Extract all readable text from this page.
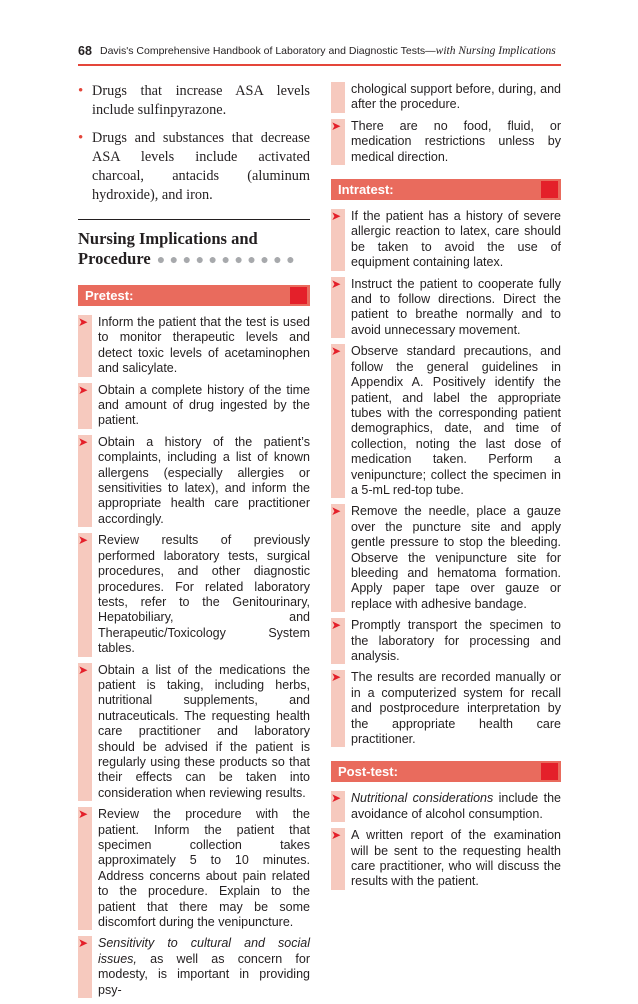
68 Davis's Comprehensive Handbook of Laboratory and Diagnostic Tests—with Nursing Implications
• Drugs that increase ASA levels include sulfinpyrazone.
• Drugs and substances that decrease ASA levels include activated charcoal, antacids (aluminum hydroxide), and iron.
Nursing Implications and
Procedure ●●●●●●●●●●●
Pretest:
➤ Inform the patient that the test is used to monitor therapeutic levels and detect toxic levels of acetaminophen and salicylate.
➤ Obtain a complete history of the time and amount of drug ingested by the patient.
➤ Obtain a history of the patient’s complaints, including a list of known allergens (especially allergies or sensitivities to latex), and inform the appropriate health care practitioner accordingly.
➤ Review results of previously performed laboratory tests, surgical procedures, and other diagnostic procedures. For related laboratory tests, refer to the Genitourinary, Hepatobiliary, and Therapeutic/Toxicology System tables.
➤ Obtain a list of the medications the patient is taking, including herbs, nutritional supplements, and nutraceuticals. The requesting health care practitioner and laboratory should be advised if the patient is regularly using these products so that their effects can be taken into consideration when reviewing results.
➤ Review the procedure with the patient. Inform the patient that specimen collection takes approximately 5 to 10 minutes. Address concerns about pain related to the procedure. Explain to the patient that there may be some discomfort during the venipuncture.
➤ Sensitivity to cultural and social issues, as well as concern for modesty, is important in providing psy-
chological support before, during, and after the procedure.
➤ There are no food, fluid, or medication restrictions unless by medical direction.
Intratest:
➤ If the patient has a history of severe allergic reaction to latex, care should be taken to avoid the use of equipment containing latex.
➤ Instruct the patient to cooperate fully and to follow directions. Direct the patient to breathe normally and to avoid unnecessary movement.
➤ Observe standard precautions, and follow the general guidelines in Appendix A. Positively identify the patient, and label the appropriate tubes with the corresponding patient demographics, date, and time of collection, noting the last dose of medication taken. Perform a venipuncture; collect the specimen in a 5-mL red-top tube.
➤ Remove the needle, place a gauze over the puncture site and apply gentle pressure to stop the bleeding. Observe the venipuncture site for bleeding and hematoma formation. Apply paper tape over gauze or replace with adhesive bandage.
➤ Promptly transport the specimen to the laboratory for processing and analysis.
➤ The results are recorded manually or in a computerized system for recall and postprocedure interpretation by the appropriate health care practitioner.
Post-test:
➤ Nutritional considerations include the avoidance of alcohol consumption.
➤ A written report of the examination will be sent to the requesting health care practitioner, who will discuss the results with the patient.
